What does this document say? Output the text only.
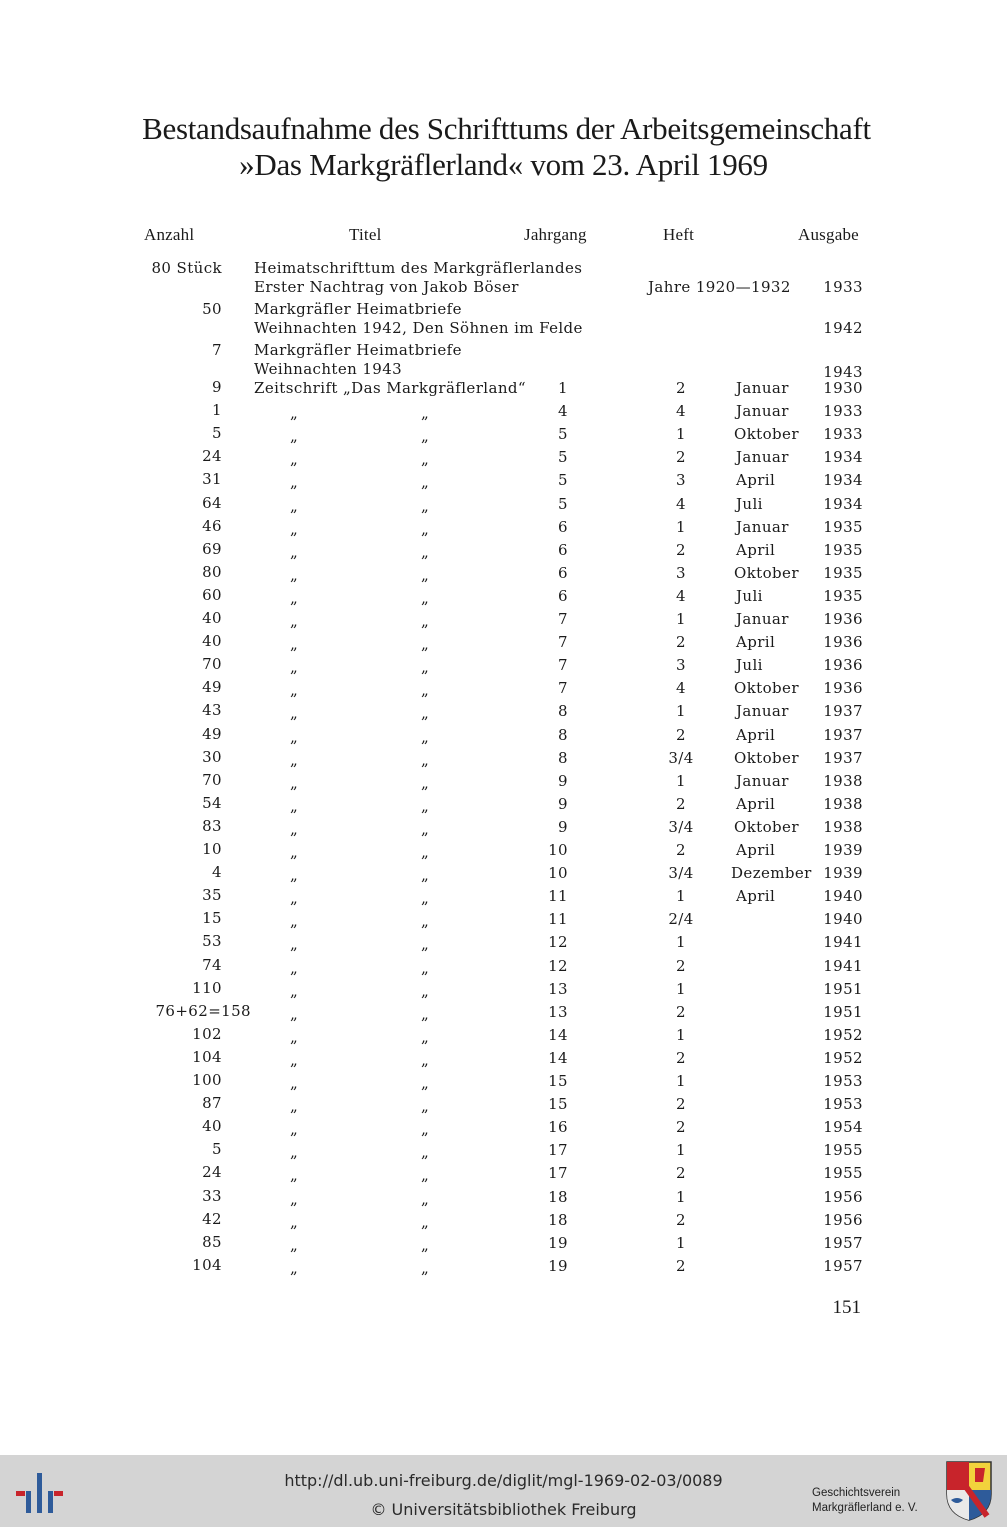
Bestandsaufnahme des Schrifttums der Arbeitsgemeinschaft
»Das Markgräflerland« vom 23. April 1969
Anzahl	Titel	Jahrgang	Heft	Ausgabe
80 Stück Heimatschrifttum des Markgräflerlandes
Erster Nachtrag von Jakob Böser	Jahre 1920—1932 1933
50 Markgräfler Heimatbriefe
Weihnachten 1942, Den Söhnen im Felde	1942
7 Markgräfler Heimatbriefe
Weihnachten 1943	1943
9 Zeitschrift „Das Markgräflerland“ 1	2	Januar 1930
1	„	„	4	4	Januar 1933
5	„	„	5	1	Oktober 1933
24	„	„	5	2	Januar 1934
31	„	„	5	3	April	1934
64	„	„	5	4	Juli	1934
46	„	„	6	1	Januar 1935
69	„	„	6	2	April	1935
80	„	„	6	3	Oktober 1935
60	„	„	6	4	Juli	1935
40	„	„	7	1	Januar 1936
40	„	„	7	2	April	1936
70	„	„	7	3	Juli	1936
49	„	„	7	4	Oktober 1936
43	„	„	8	1	Januar 1937
49	„	„	8	2	April	1937
30	„	„	8	3/4	Oktober 1937
70	„	„	9	1	Januar 1938
54	„	„	9	2	April	1938
83	„	„	9	3/4	Oktober 1938
10	„	„	10	2	April	1939
4	„	„	10	3/4	Dezember 1939
35	„	„	11	1	April	1940
15	„	„	11	2/4	1940
53	„	„	12	1	1941
74	„	„	12	2	1941
110	„	„	13	1	1951
76+62=158	„	„	13	2	1951
102	„	„	14	1	1952
104	„	„	14	2	1952
100	„	„	15	1	1953
87	„	„	15	2	1953
40	„	„	16	2	1954
5	„	„	17	1	1955
24	„	„	17	2	1955
33	„	„	18	1	1956
42	„	„	18	2	1956
85	„	„	19	1	1957
104	„	„	19	2	1957
151
http://dl.ub.uni-freiburg.de/diglit/mgl-1969-02-03/0089
© Universitätsbibliothek Freiburg
Geschichtsverein
Markgräflerland e. V.
